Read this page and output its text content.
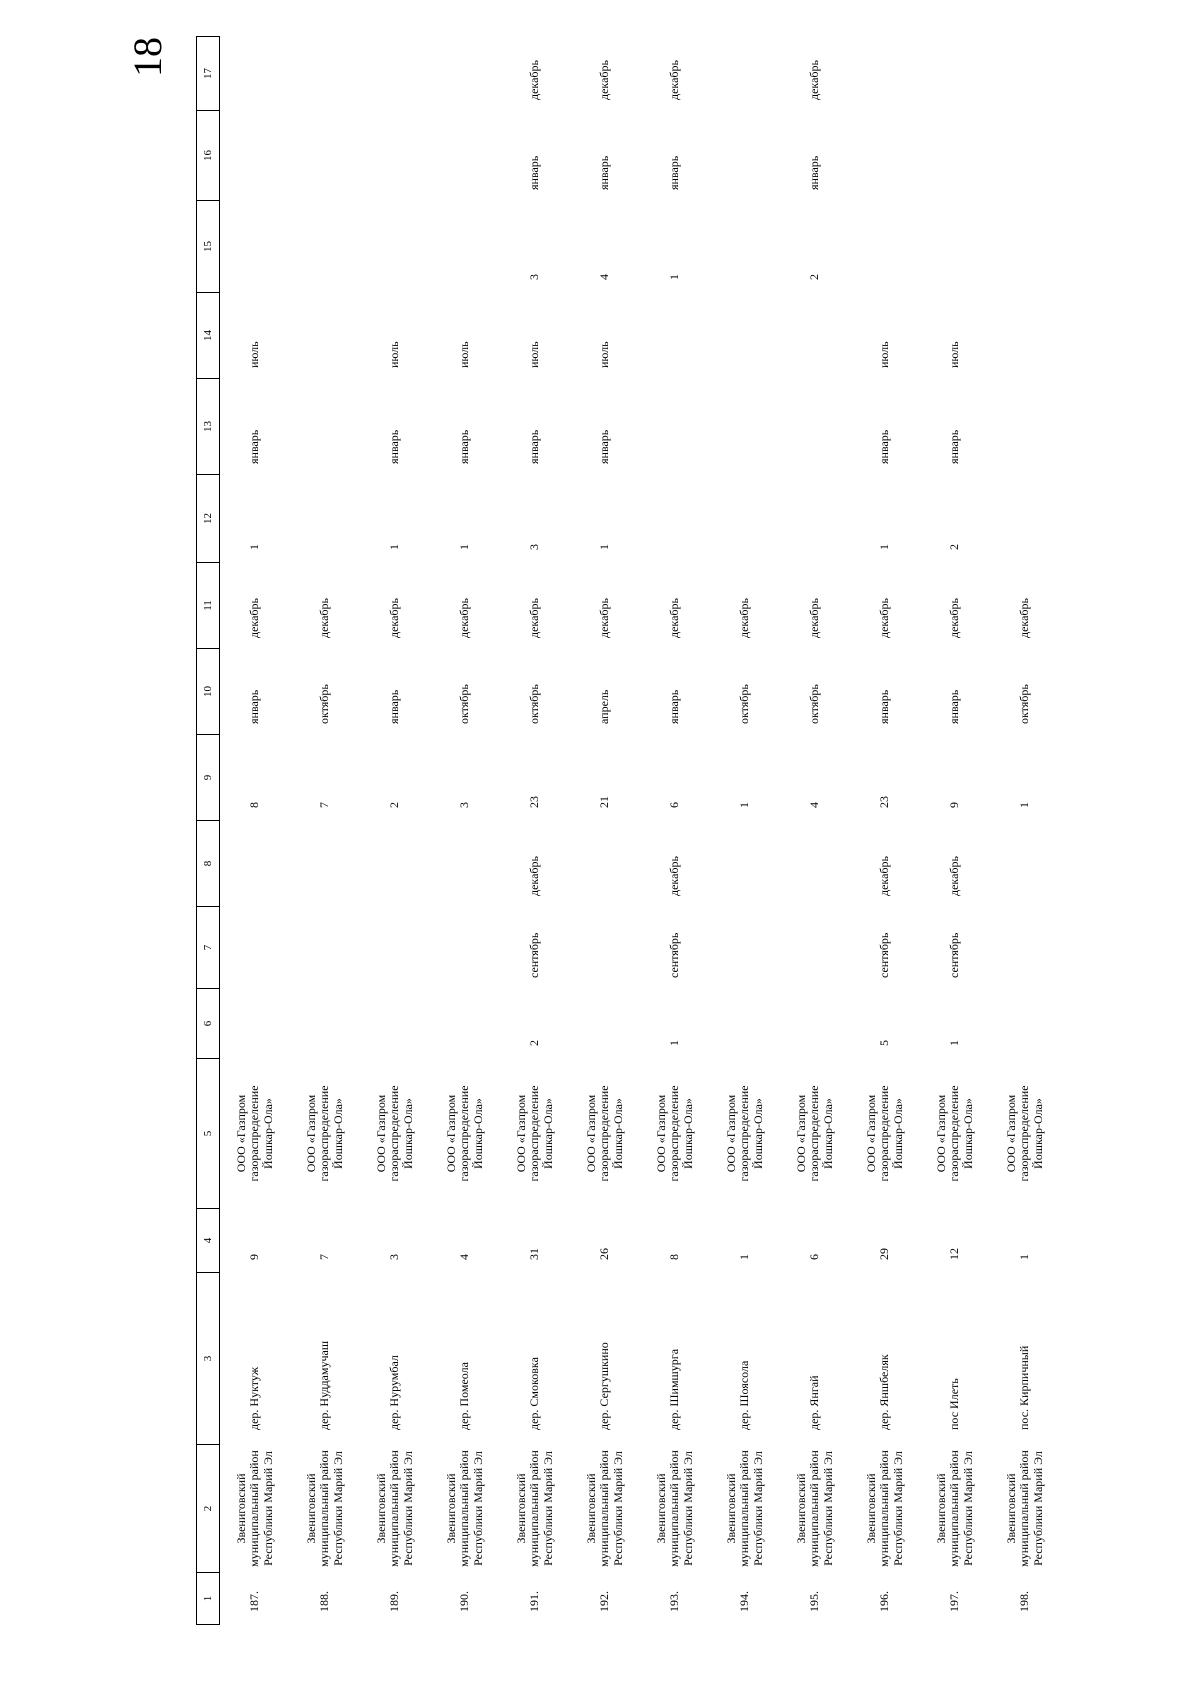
18
1	2	3	4	5	6	7	8	9	10	11	12	13	14	15	16	17
187.	Звениговский муниципальный район Республики Марий Эл	дер. Нуктуж	9	ООО «Газпром газораспределение Йошкар-Ола»				8	январь	декабрь	1	январь	июль			
188.	Звениговский муниципальный район Республики Марий Эл	дер. Нуддамучаш	7	ООО «Газпром газораспределение Йошкар-Ола»				7	октябрь	декабрь						
189.	Звениговский муниципальный район Республики Марий Эл	дер. Нурумбал	3	ООО «Газпром газораспределение Йошкар-Ола»				2	январь	декабрь	1	январь	июль			
190.	Звениговский муниципальный район Республики Марий Эл	дер. Помеола	4	ООО «Газпром газораспределение Йошкар-Ола»				3	октябрь	декабрь	1	январь	июль			
191.	Звениговский муниципальный район Республики Марий Эл	дер. Смоковка	31	ООО «Газпром газораспределение Йошкар-Ола»	2	сентябрь	декабрь	23	октябрь	декабрь	3	январь	июль	3	январь	декабрь
192.	Звениговский муниципальный район Республики Марий Эл	дер. Сергушкино	26	ООО «Газпром газораспределение Йошкар-Ола»				21	апрель	декабрь	1	январь	июль	4	январь	декабрь
193.	Звениговский муниципальный район Республики Марий Эл	дер. Шимшурга	8	ООО «Газпром газораспределение Йошкар-Ола»	1	сентябрь	декабрь	6	январь	декабрь				1	январь	декабрь
194.	Звениговский муниципальный район Республики Марий Эл	дер. Шоясола	1	ООО «Газпром газораспределение Йошкар-Ола»				1	октябрь	декабрь						
195.	Звениговский муниципальный район Республики Марий Эл	дер. Янгай	6	ООО «Газпром газораспределение Йошкар-Ола»				4	октябрь	декабрь				2	январь	декабрь
196.	Звениговский муниципальный район Республики Марий Эл	дер. Яншбеляк	29	ООО «Газпром газораспределение Йошкар-Ола»	5	сентябрь	декабрь	23	январь	декабрь	1	январь	июль			
197.	Звениговский муниципальный район Республики Марий Эл	пос Илеть	12	ООО «Газпром газораспределение Йошкар-Ола»	1	сентябрь	декабрь	9	январь	декабрь	2	январь	июль			
198.	Звениговский муниципальный район Республики Марий Эл	пос. Кирпичный	1	ООО «Газпром газораспределение Йошкар-Ола»				1	октябрь	декабрь						
